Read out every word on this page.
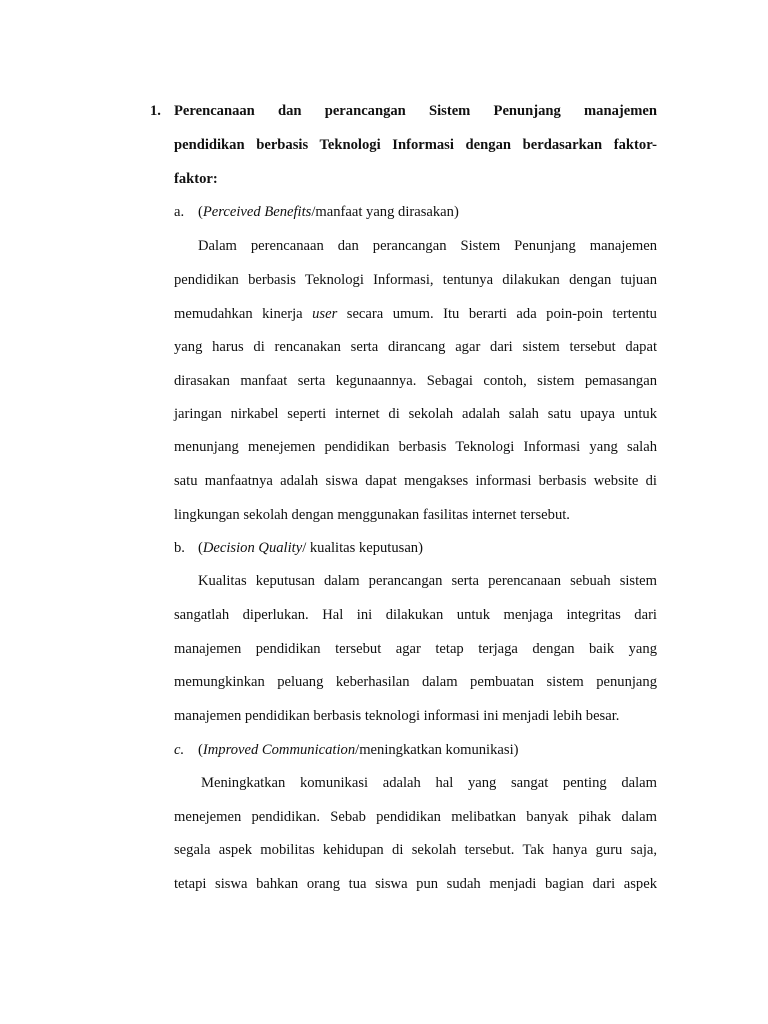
1. Perencanaan dan perancangan Sistem Penunjang manajemen
pendidikan berbasis Teknologi Informasi dengan berdasarkan faktor-
faktor:
a. (Perceived Benefits/manfaat yang dirasakan)
Dalam perencanaan dan perancangan Sistem Penunjang manajemen
pendidikan berbasis Teknologi Informasi, tentunya dilakukan dengan tujuan
memudahkan kinerja user secara umum. Itu berarti ada poin-poin tertentu
yang harus di rencanakan serta dirancang agar dari sistem tersebut dapat
dirasakan manfaat serta kegunaannya. Sebagai contoh, sistem pemasangan
jaringan nirkabel seperti internet di sekolah adalah salah satu upaya untuk
menunjang menejemen pendidikan berbasis Teknologi Informasi yang salah
satu manfaatnya adalah siswa dapat mengakses informasi berbasis website di
lingkungan sekolah dengan menggunakan fasilitas internet tersebut.
b. (Decision Quality/ kualitas keputusan)
Kualitas keputusan dalam perancangan serta perencanaan sebuah sistem
sangatlah diperlukan. Hal ini dilakukan untuk menjaga integritas dari
manajemen pendidikan tersebut agar tetap terjaga dengan baik yang
memungkinkan peluang keberhasilan dalam pembuatan sistem penunjang
manajemen pendidikan berbasis teknologi informasi ini menjadi lebih besar.
c. (Improved Communication/meningkatkan komunikasi)
Meningkatkan komunikasi adalah hal yang sangat penting dalam
menejemen pendidikan. Sebab pendidikan melibatkan banyak pihak dalam
segala aspek mobilitas kehidupan di sekolah tersebut. Tak hanya guru saja,
tetapi siswa bahkan orang tua siswa pun sudah menjadi bagian dari aspek
